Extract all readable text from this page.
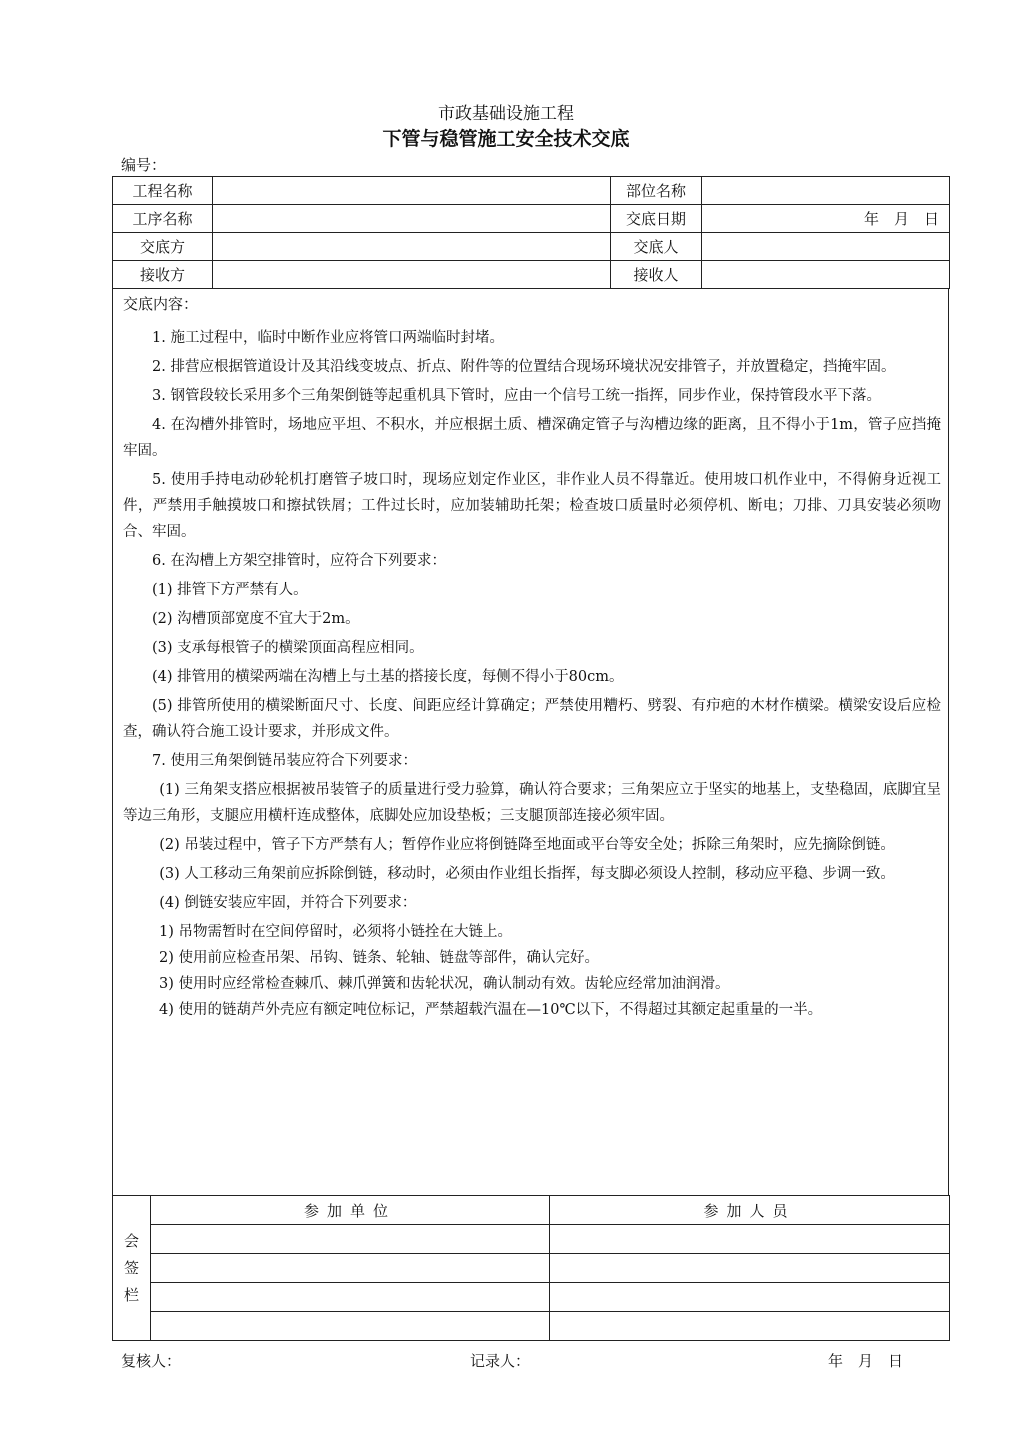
市政基础设施工程
下管与稳管施工安全技术交底
编号：
工程名称		部位名称	
工序名称		交底日期	年　月　日
交底方		交底人	
接收方		接收人	
交底内容：

1. 施工过程中，临时中断作业应将管口两端临时封堵。

2. 排营应根据管道设计及其沿线变坡点、折点、附件等的位置结合现场环境状况安排管子，并放置稳定，挡掩牢固。

3. 钢管段较长采用多个三角架倒链等起重机具下管时，应由一个信号工统一指挥，同步作业，保持管段水平下落。

4. 在沟槽外排管时，场地应平坦、不积水，并应根据土质、槽深确定管子与沟槽边缘的距离，且不得小于1m，管子应挡掩牢固。

5. 使用手持电动砂轮机打磨管子坡口时，现场应划定作业区，非作业人员不得靠近。使用坡口机作业中，不得俯身近视工件，严禁用手触摸坡口和擦拭铁屑；工件过长时，应加装辅助托架；检查坡口质量时必须停机、断电；刀排、刀具安装必须吻合、牢固。

6. 在沟槽上方架空排管时，应符合下列要求：

(1) 排管下方严禁有人。

(2) 沟槽顶部宽度不宜大于2m。

(3) 支承每根管子的横梁顶面高程应相同。

(4) 排管用的横梁两端在沟槽上与土基的搭接长度，每侧不得小于80cm。

(5) 排管所使用的横梁断面尺寸、长度、间距应经计算确定；严禁使用糟朽、劈裂、有疖疤的木材作横梁。横梁安设后应检查，确认符合施工设计要求，并形成文件。

7. 使用三角架倒链吊装应符合下列要求：

(1) 三角架支搭应根据被吊装管子的质量进行受力验算，确认符合要求；三角架应立于坚实的地基上，支垫稳固，底脚宜呈等边三角形，支腿应用横杆连成整体，底脚处应加设垫板；三支腿顶部连接必须牢固。

(2) 吊装过程中，管子下方严禁有人；暂停作业应将倒链降至地面或平台等安全处；拆除三角架时，应先摘除倒链。

(3) 人工移动三角架前应拆除倒链，移动时，必须由作业组长指挥，每支脚必须设人控制，移动应平稳、步调一致。

(4) 倒链安装应牢固，并符合下列要求：

1) 吊物需暂时在空间停留时，必须将小链拴在大链上。

2) 使用前应检查吊架、吊钩、链条、轮轴、链盘等部件，确认完好。

3) 使用时应经常检查棘爪、棘爪弹簧和齿轮状况，确认制动有效。齿轮应经常加油润滑。

4) 使用的链葫芦外壳应有额定吨位标记，严禁超载汽温在—10℃以下，不得超过其额定起重量的一半。

会
签
栏	参加单位	参加人员

复核人：	记录人：	年　月　日
